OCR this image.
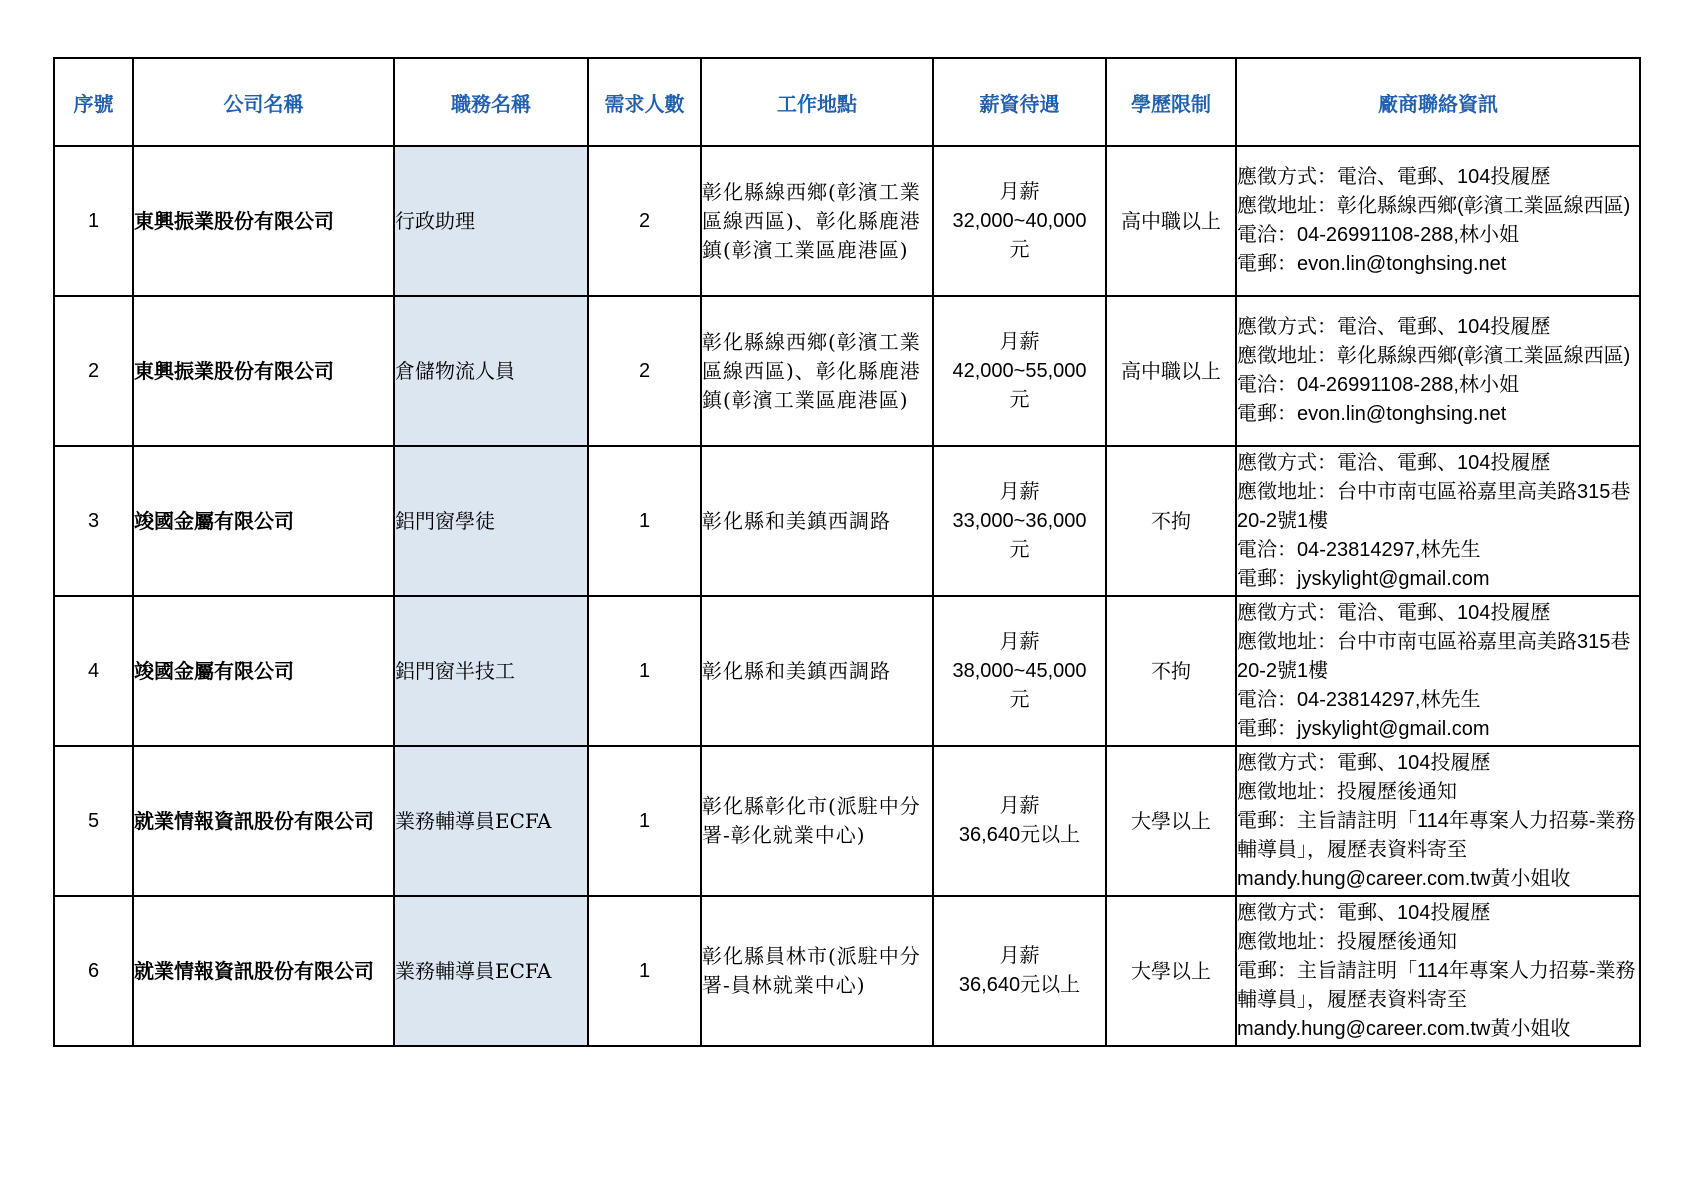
序號	公司名稱	職務名稱	需求人數	工作地點	薪資待遇	學歷限制	廠商聯絡資訊
1	東興振業股份有限公司	行政助理	2	彰化縣線西鄉(彰濱工業區線西區)、彰化縣鹿港鎮(彰濱工業區鹿港區)	月薪
32,000~40,000
元	高中職以上	應徵方式：電洽、電郵、104投履歷
應徵地址：彰化縣線西鄉(彰濱工業區線西區)
電洽：04-26991108-288,林小姐
電郵：evon.lin@tonghsing.net

2	東興振業股份有限公司	倉儲物流人員	2	彰化縣線西鄉(彰濱工業區線西區)、彰化縣鹿港鎮(彰濱工業區鹿港區)	月薪
42,000~55,000
元	高中職以上	應徵方式：電洽、電郵、104投履歷
應徵地址：彰化縣線西鄉(彰濱工業區線西區)
電洽：04-26991108-288,林小姐
電郵：evon.lin@tonghsing.net

3	竣國金屬有限公司	鋁門窗學徒	1	彰化縣和美鎮西調路	月薪
33,000~36,000
元	不拘	應徵方式：電洽、電郵、104投履歷
應徵地址：台中市南屯區裕嘉里高美路315巷20-2號1樓
電洽：04-23814297,林先生
電郵：jyskylight@gmail.com

4	竣國金屬有限公司	鋁門窗半技工	1	彰化縣和美鎮西調路	月薪
38,000~45,000
元	不拘	應徵方式：電洽、電郵、104投履歷
應徵地址：台中市南屯區裕嘉里高美路315巷20-2號1樓
電洽：04-23814297,林先生
電郵：jyskylight@gmail.com

5	就業情報資訊股份有限公司	業務輔導員ECFA	1	彰化縣彰化市(派駐中分署-彰化就業中心)	月薪
36,640元以上	大學以上	應徵方式：電郵、104投履歷
應徵地址：投履歷後通知
電郵：主旨請註明「114年專案人力招募-業務輔導員」，履歷表資料寄至mandy.hung@career.com.tw黃小姐收

6	就業情報資訊股份有限公司	業務輔導員ECFA	1	彰化縣員林市(派駐中分署-員林就業中心)	月薪
36,640元以上	大學以上	應徵方式：電郵、104投履歷
應徵地址：投履歷後通知
電郵：主旨請註明「114年專案人力招募-業務輔導員」，履歷表資料寄至mandy.hung@career.com.tw黃小姐收
